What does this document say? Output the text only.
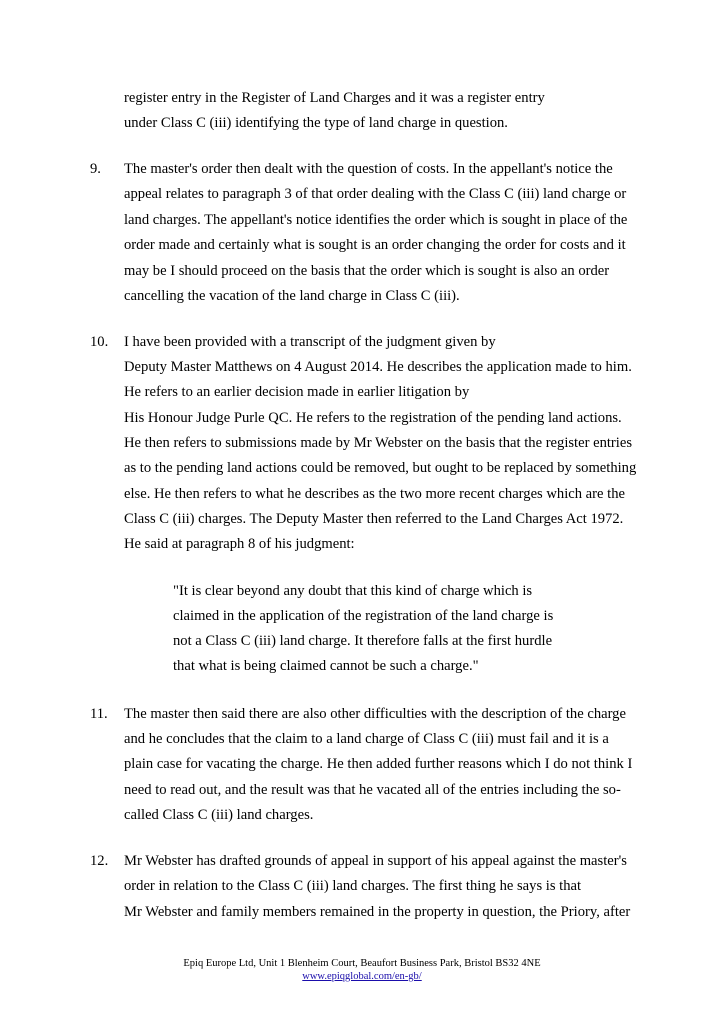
register entry in the Register of Land Charges and it was a register entry
under Class C (iii) identifying the type of land charge in question.
9. The master's order then dealt with the question of costs. In the appellant's notice the
appeal relates to paragraph 3 of that order dealing with the Class C (iii) land charge or
land charges. The appellant's notice identifies the order which is sought in place of the
order made and certainly what is sought is an order changing the order for costs and it
may be I should proceed on the basis that the order which is sought is also an order
cancelling the vacation of the land charge in Class C (iii).
10. I have been provided with a transcript of the judgment given by
Deputy Master Matthews on 4 August 2014. He describes the application made to him.
He refers to an earlier decision made in earlier litigation by
His Honour Judge Purle QC. He refers to the registration of the pending land actions.
He then refers to submissions made by Mr Webster on the basis that the register entries
as to the pending land actions could be removed, but ought to be replaced by something
else. He then refers to what he describes as the two more recent charges which are the
Class C (iii) charges. The Deputy Master then referred to the Land Charges Act 1972.
He said at paragraph 8 of his judgment:
"It is clear beyond any doubt that this kind of charge which is
claimed in the application of the registration of the land charge is
not a Class C (iii) land charge. It therefore falls at the first hurdle
that what is being claimed cannot be such a charge."
11. The master then said there are also other difficulties with the description of the charge
and he concludes that the claim to a land charge of Class C (iii) must fail and it is a
plain case for vacating the charge. He then added further reasons which I do not think I
need to read out, and the result was that he vacated all of the entries including the so-
called Class C (iii) land charges.
12. Mr Webster has drafted grounds of appeal in support of his appeal against the master's
order in relation to the Class C (iii) land charges. The first thing he says is that
Mr Webster and family members remained in the property in question, the Priory, after
Epiq Europe Ltd, Unit 1 Blenheim Court, Beaufort Business Park, Bristol BS32 4NE
www.epiqglobal.com/en-gb/
